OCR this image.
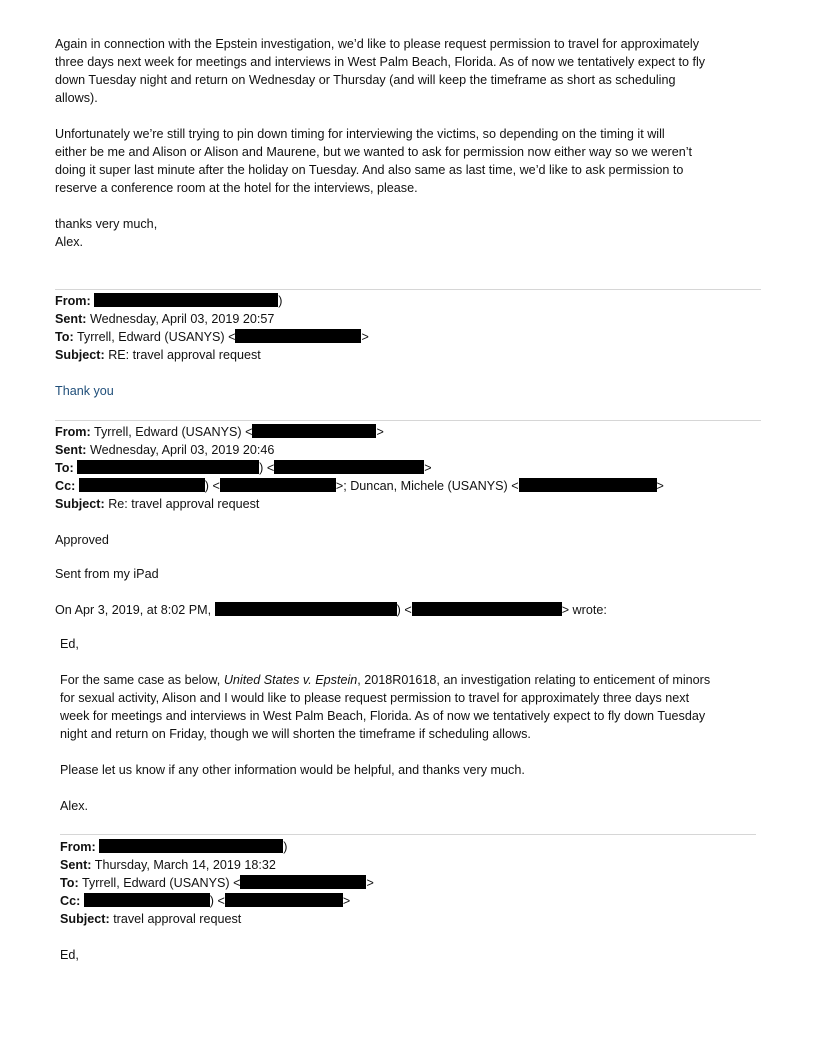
Again in connection with the Epstein investigation, we’d like to please request permission to travel for approximately
three days next week for meetings and interviews in West Palm Beach, Florida. As of now we tentatively expect to fly
down Tuesday night and return on Wednesday or Thursday (and will keep the timeframe as short as scheduling
allows).
Unfortunately we’re still trying to pin down timing for interviewing the victims, so depending on the timing it will
either be me and Alison or Alison and Maurene, but we wanted to ask for permission now either way so we weren’t
doing it super last minute after the holiday on Tuesday. And also same as last time, we’d like to ask permission to
reserve a conference room at the hotel for the interviews, please.
thanks very much,
Alex.
From:	)
Sent: Wednesday, April 03, 2019 20:57
To: Tyrrell, Edward (USANYS) <	>
Subject: RE: travel approval request
Thank you
From: Tyrrell, Edward (USANYS) <	>
Sent: Wednesday, April 03, 2019 20:46
To:	) <	>
Cc:	) <	>; Duncan, Michele (USANYS) <	>
Subject: Re: travel approval request
Approved
Sent from my iPad
On Apr 3, 2019, at 8:02 PM,	) <	> wrote:
Ed,
For the same case as below, United States v. Epstein, 2018R01618, an investigation relating to enticement of minors
for sexual activity, Alison and I would like to please request permission to travel for approximately three days next
week for meetings and interviews in West Palm Beach, Florida. As of now we tentatively expect to fly down Tuesday
night and return on Friday, though we will shorten the timeframe if scheduling allows.
Please let us know if any other information would be helpful, and thanks very much.
Alex.
From:	)
Sent: Thursday, March 14, 2019 18:32
To: Tyrrell, Edward (USANYS) <	>
Cc:	) <	>
Subject: travel approval request
Ed,
